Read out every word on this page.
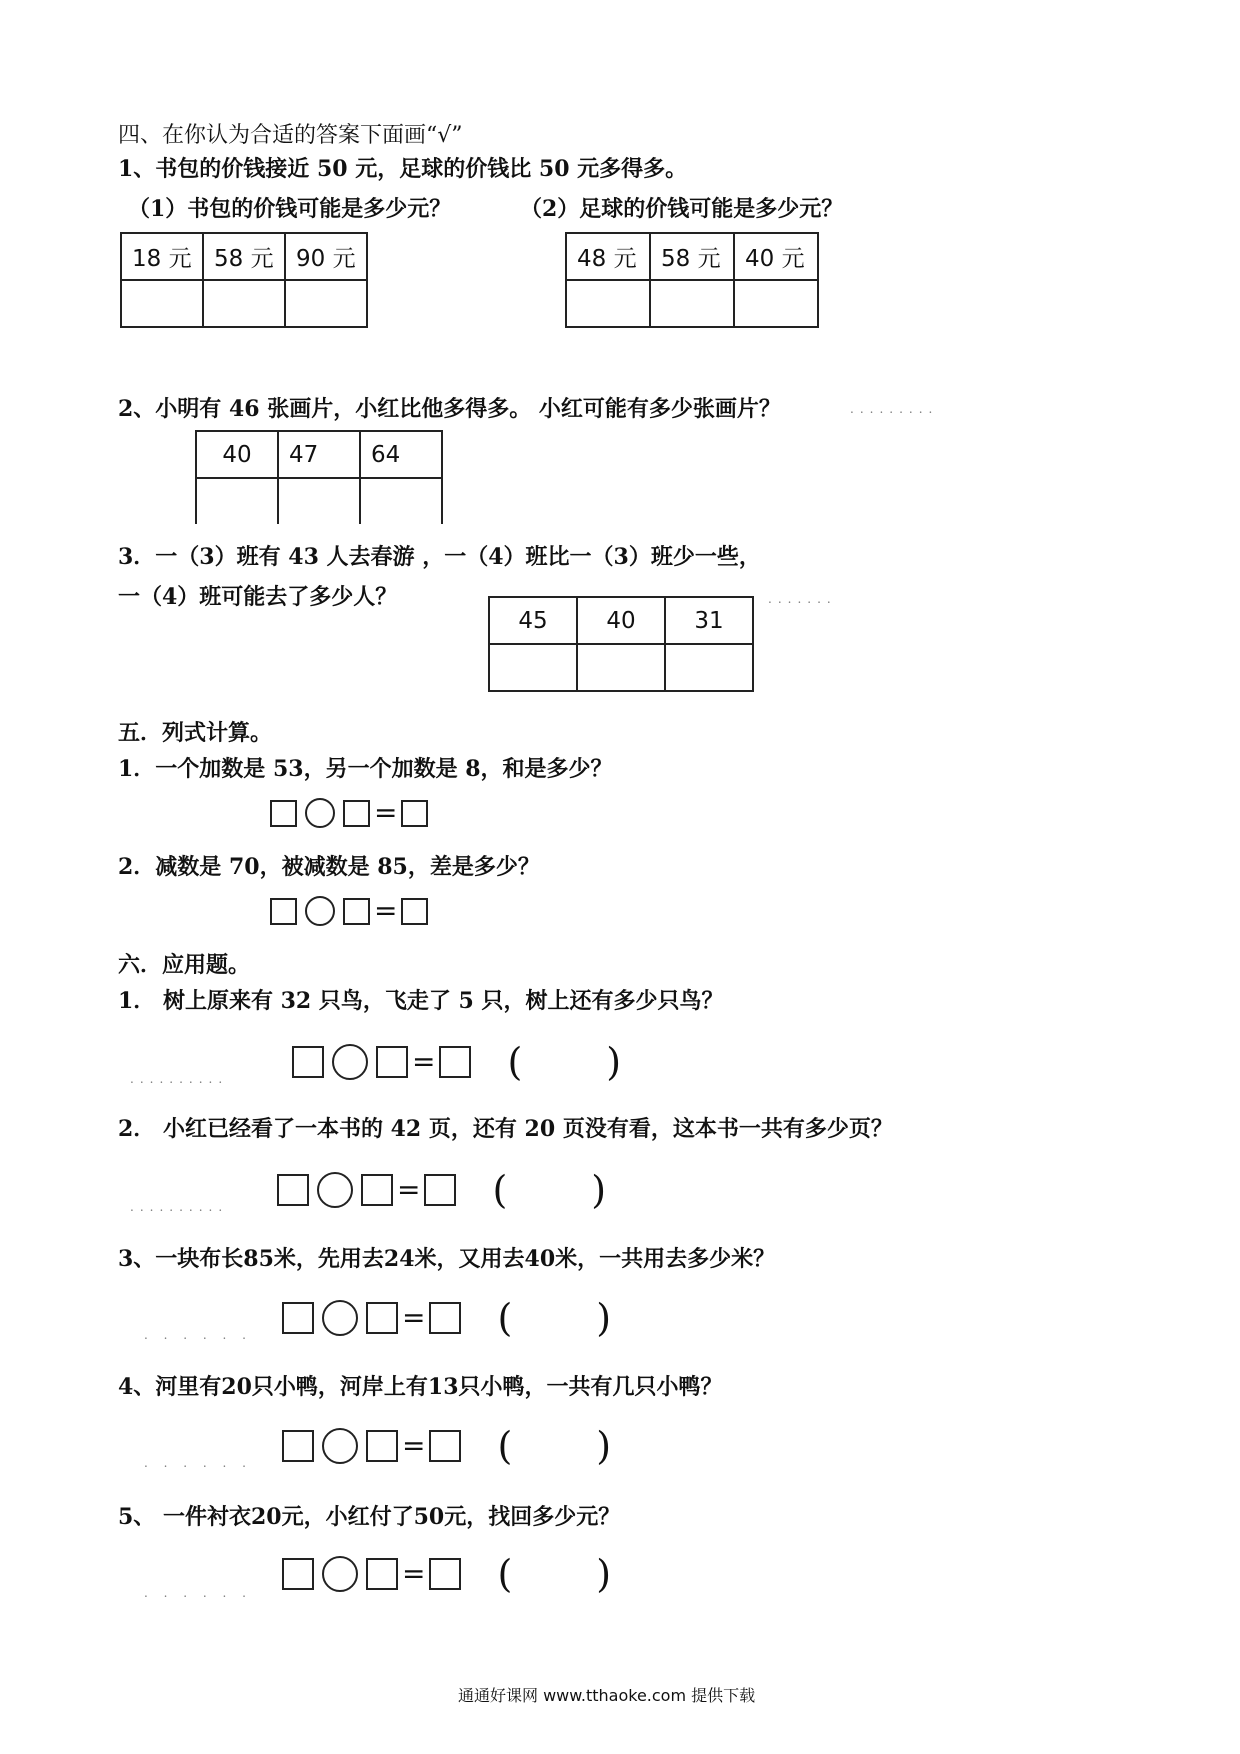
四、在你认为合适的答案下面画“√”
1、书包的价钱接近 50 元，足球的价钱比 50 元多得多。
（1）书包的价钱可能是多少元？	（2）足球的价钱可能是多少元？
18 元	58 元	90 元
			48 元	58 元	40 元

2、小明有 46 张画片，小红比他多得多。 小红可能有多少张画片？	.........
40	47	64

3．一（3）班有 43 人去春游 ，一（4）班比一（3）班少一些，
一（4）班可能去了多少人？	.......
45	40	31

五．列式计算。
1．一个加数是 53，另一个加数是 8，和是多少？
=
2．减数是 70，被减数是 85，差是多少？
=
六．应用题。
1． 树上原来有 32 只鸟，飞走了 5 只，树上还有多少只鸟？
..........
= ( )
2． 小红已经看了一本书的 42 页，还有 20 页没有看，这本书一共有多少页？
..........
= ( )
3、一块布长85米，先用去24米，又用去40米，一共用去多少米？
. . . . . .
= ( )
4、河里有20只小鸭，河岸上有13只小鸭，一共有几只小鸭？
. . . . . .
= ( )
5、 一件衬衣20元，小红付了50元，找回多少元？
. . . . . .
= ( )
通通好课网 www.tthaoke.com 提供下载
